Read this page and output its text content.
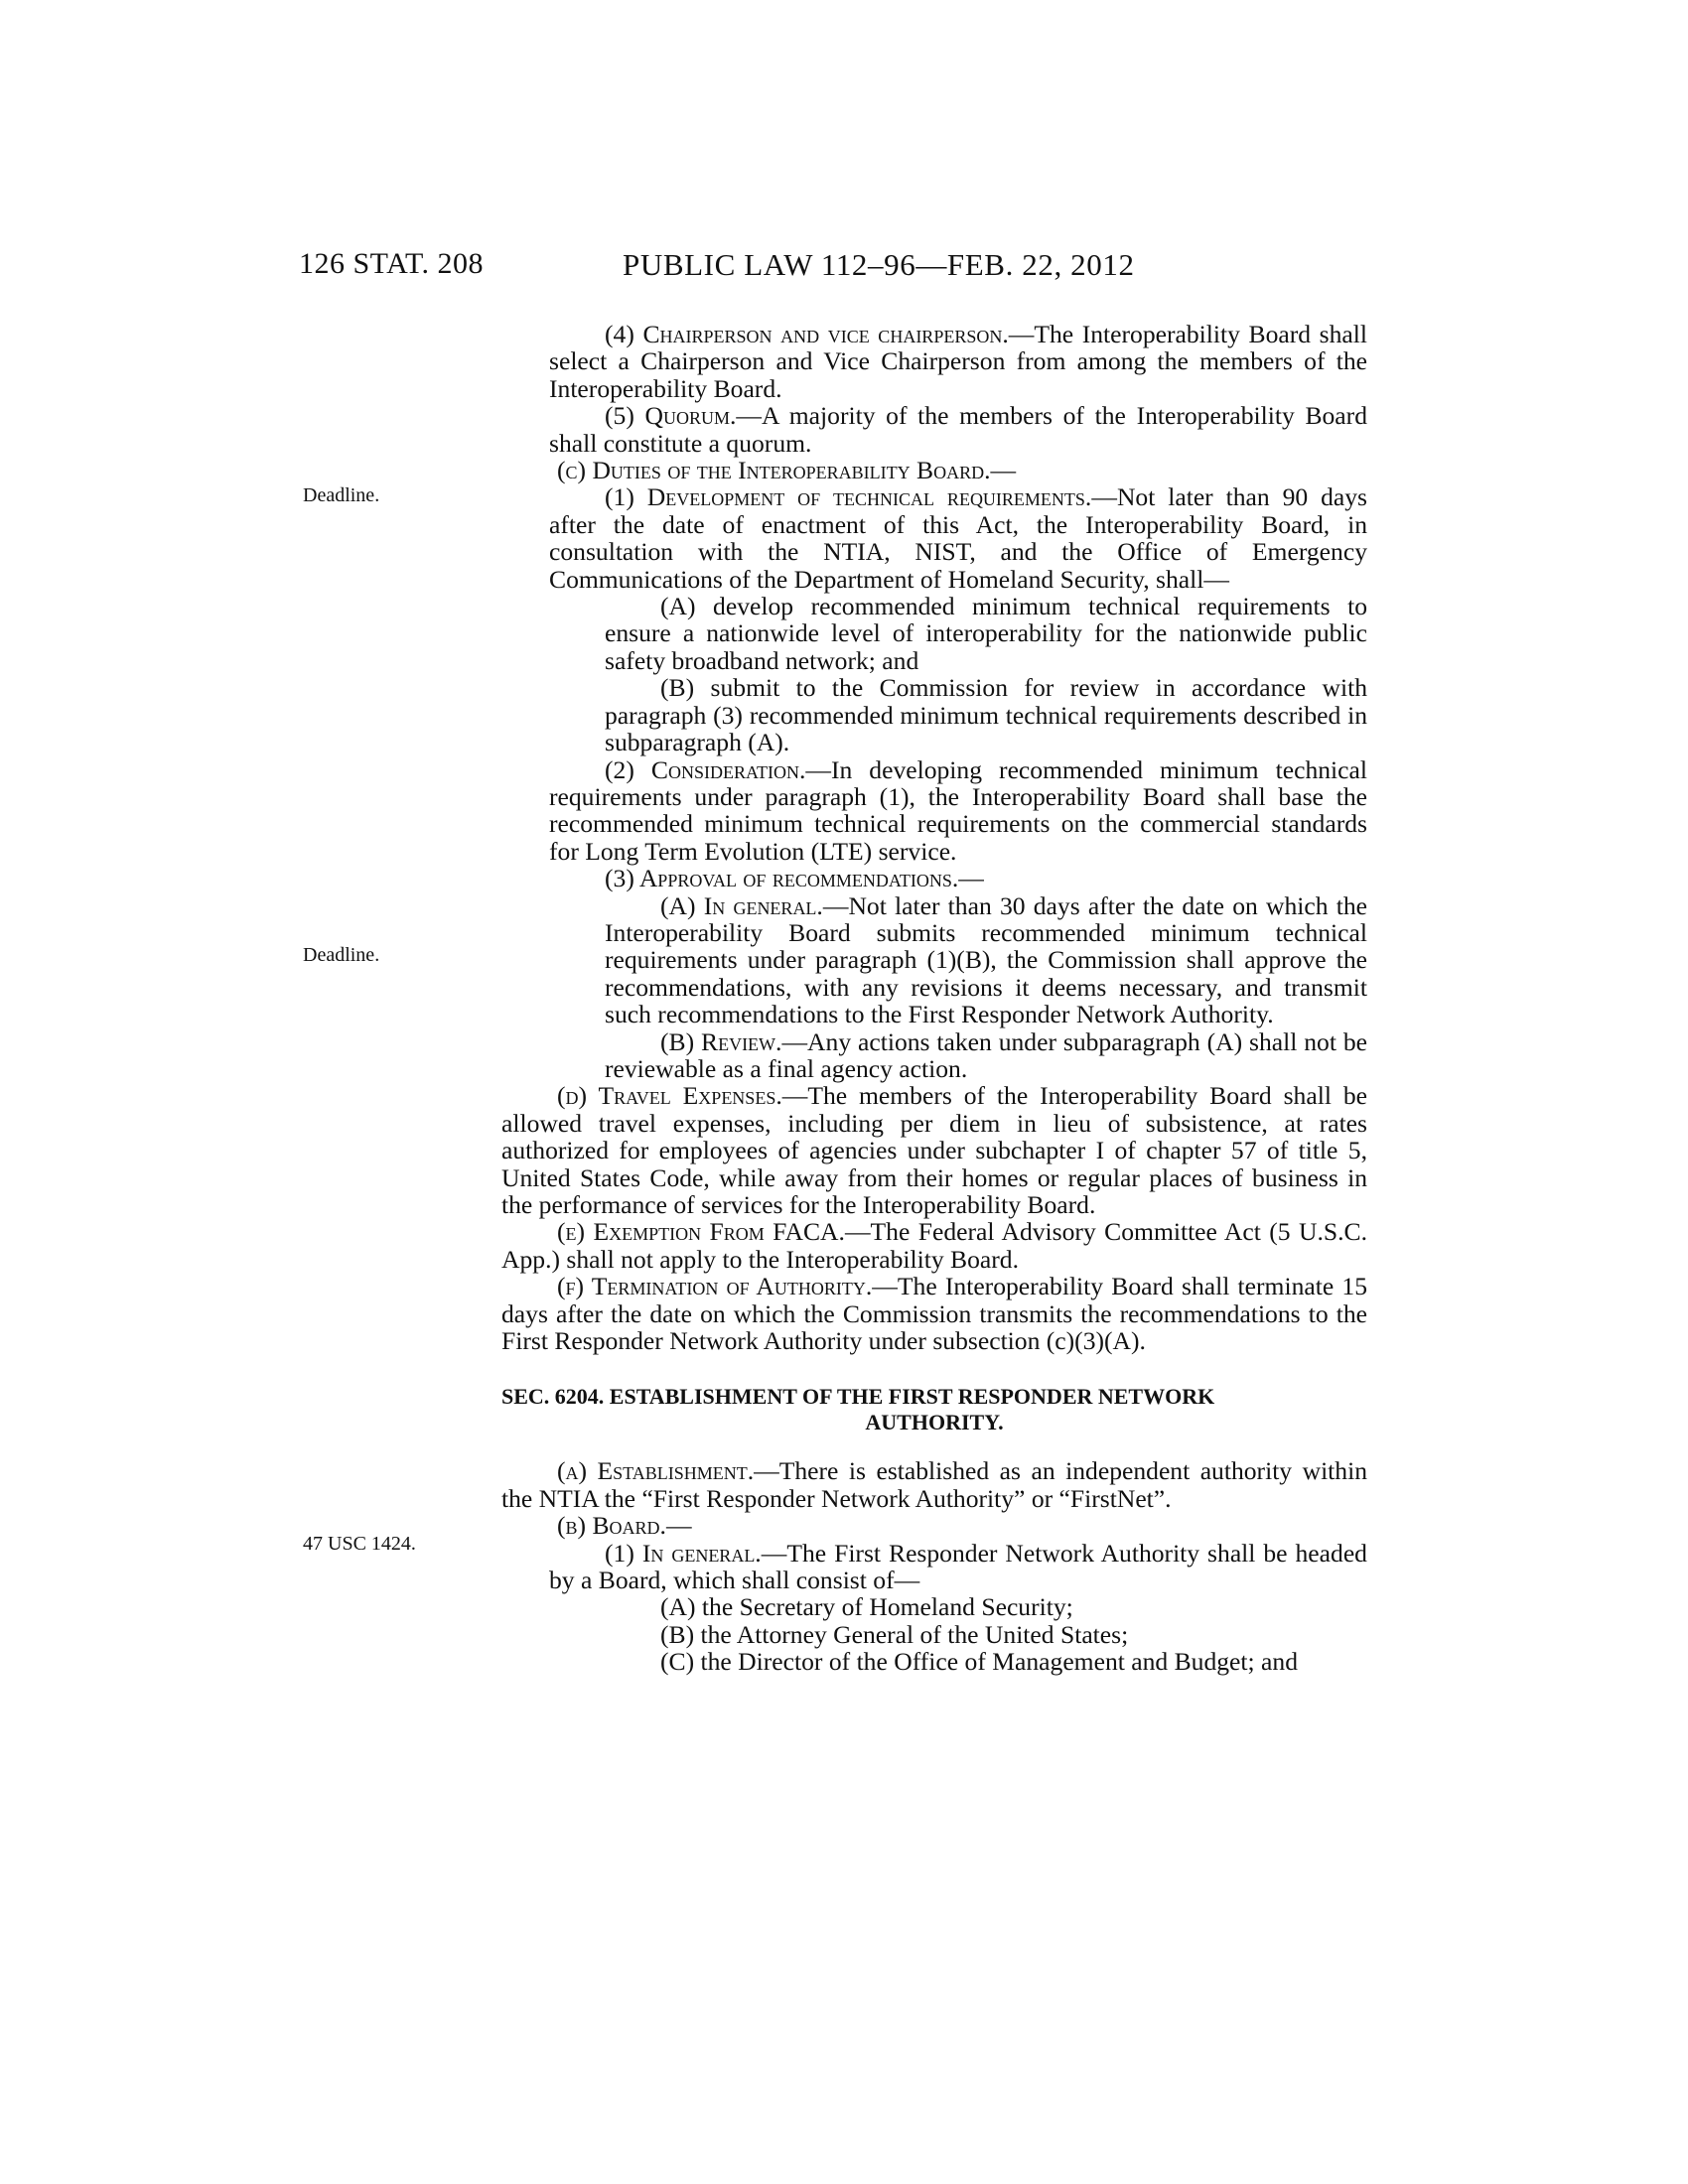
126 STAT. 208	PUBLIC LAW 112–96—FEB. 22, 2012
Deadline.
Deadline.
47 USC 1424.

(4) Chairperson and vice chairperson.—The Interoperability Board shall select a Chairperson and Vice Chairperson from among the members of the Interoperability Board.

(5) Quorum.—A majority of the members of the Interoperability Board shall constitute a quorum.

(c) Duties of the Interoperability Board.—

(1) Development of technical requirements.—Not later than 90 days after the date of enactment of this Act, the Interoperability Board, in consultation with the NTIA, NIST, and the Office of Emergency Communications of the Department of Homeland Security, shall—

(A) develop recommended minimum technical requirements to ensure a nationwide level of interoperability for the nationwide public safety broadband network; and

(B) submit to the Commission for review in accordance with paragraph (3) recommended minimum technical requirements described in subparagraph (A).

(2) Consideration.—In developing recommended minimum technical requirements under paragraph (1), the Interoperability Board shall base the recommended minimum technical requirements on the commercial standards for Long Term Evolution (LTE) service.

(3) Approval of recommendations.—

(A) In general.—Not later than 30 days after the date on which the Interoperability Board submits recommended minimum technical requirements under paragraph (1)(B), the Commission shall approve the recommendations, with any revisions it deems necessary, and transmit such recommendations to the First Responder Network Authority.

(B) Review.—Any actions taken under subparagraph (A) shall not be reviewable as a final agency action.

(d) Travel Expenses.—The members of the Interoperability Board shall be allowed travel expenses, including per diem in lieu of subsistence, at rates authorized for employees of agencies under subchapter I of chapter 57 of title 5, United States Code, while away from their homes or regular places of business in the performance of services for the Interoperability Board.

(e) Exemption From FACA.—The Federal Advisory Committee Act (5 U.S.C. App.) shall not apply to the Interoperability Board.

(f) Termination of Authority.—The Interoperability Board shall terminate 15 days after the date on which the Commission transmits the recommendations to the First Responder Network Authority under subsection (c)(3)(A).

SEC. 6204. ESTABLISHMENT OF THE FIRST RESPONDER NETWORK
AUTHORITY.

(a) Establishment.—There is established as an independent authority within the NTIA the “First Responder Network Authority” or “FirstNet”.

(b) Board.—

(1) In general.—The First Responder Network Authority shall be headed by a Board, which shall consist of—

(A) the Secretary of Homeland Security;

(B) the Attorney General of the United States;

(C) the Director of the Office of Management and Budget; and
